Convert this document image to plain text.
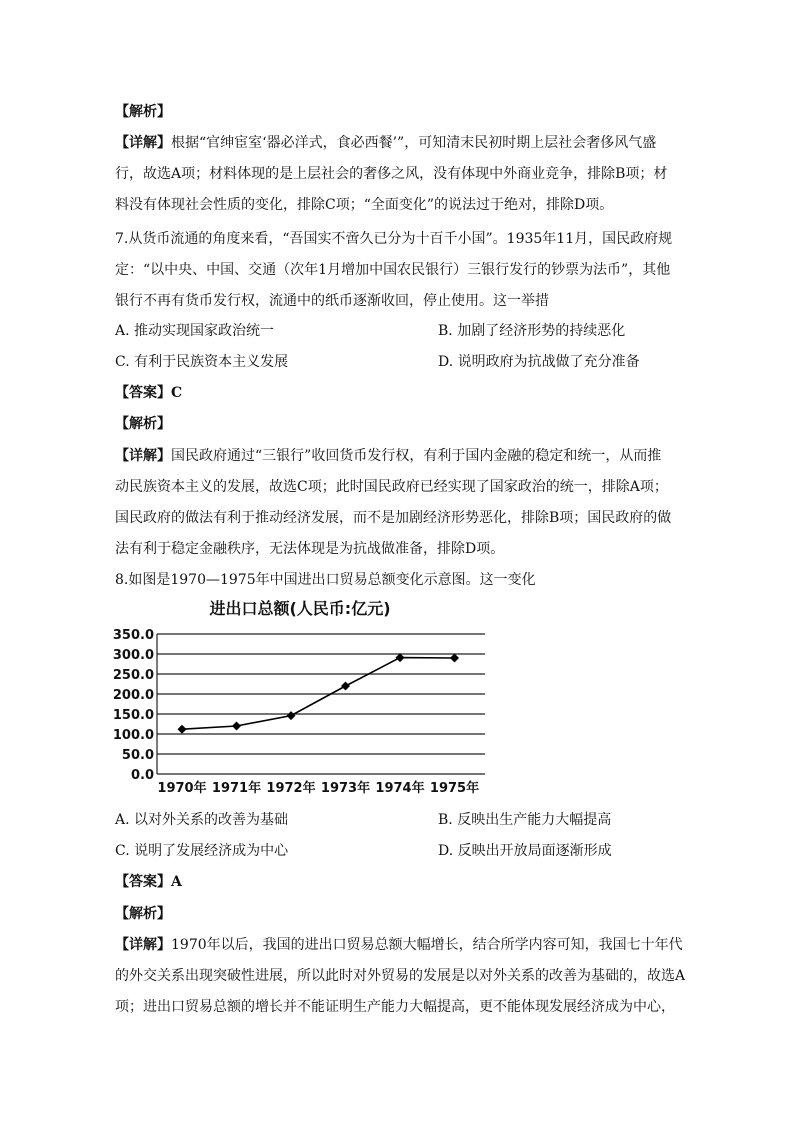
【解析】
【详解】根据“官绅宦室‘器必洋式，食必西餐’”，可知清末民初时期上层社会奢侈风气盛
行，故选A项；材料体现的是上层社会的奢侈之风，没有体现中外商业竞争，排除B项；材
料没有体现社会性质的变化，排除C项；“全面变化”的说法过于绝对，排除D项。
7.从货币流通的角度来看，“吾国实不啻久已分为十百千小国”。1935年11月，国民政府规
定：“以中央、中国、交通（次年1月增加中国农民银行）三银行发行的钞票为法币”，其他
银行不再有货币发行权，流通中的纸币逐渐收回，停止使用。这一举措
A. 推动实现国家政治统一	B. 加剧了经济形势的持续恶化
C. 有利于民族资本主义发展	D. 说明政府为抗战做了充分准备
【答案】C
【解析】
【详解】国民政府通过“三银行”收回货币发行权，有利于国内金融的稳定和统一，从而推
动民族资本主义的发展，故选C项；此时国民政府已经实现了国家政治的统一，排除A项；
国民政府的做法有利于推动经济发展，而不是加剧经济形势恶化，排除B项；国民政府的做
法有利于稳定金融秩序，无法体现是为抗战做准备，排除D项。
8.如图是1970—1975年中国进出口贸易总额变化示意图。这一变化
进出口总额(人民币:亿元)
0.0
50.0
100.0
150.0
200.0
250.0
300.0
350.0
1970年 1971年 1972年 1973年 1974年 1975年
A. 以对外关系的改善为基础	B. 反映出生产能力大幅提高
C. 说明了发展经济成为中心	D. 反映出开放局面逐渐形成
【答案】A
【解析】
【详解】1970年以后，我国的进出口贸易总额大幅增长，结合所学内容可知，我国七十年代
的外交关系出现突破性进展，所以此时对外贸易的发展是以对外关系的改善为基础的，故选A
项；进出口贸易总额的增长并不能证明生产能力大幅提高，更不能体现发展经济成为中心，
